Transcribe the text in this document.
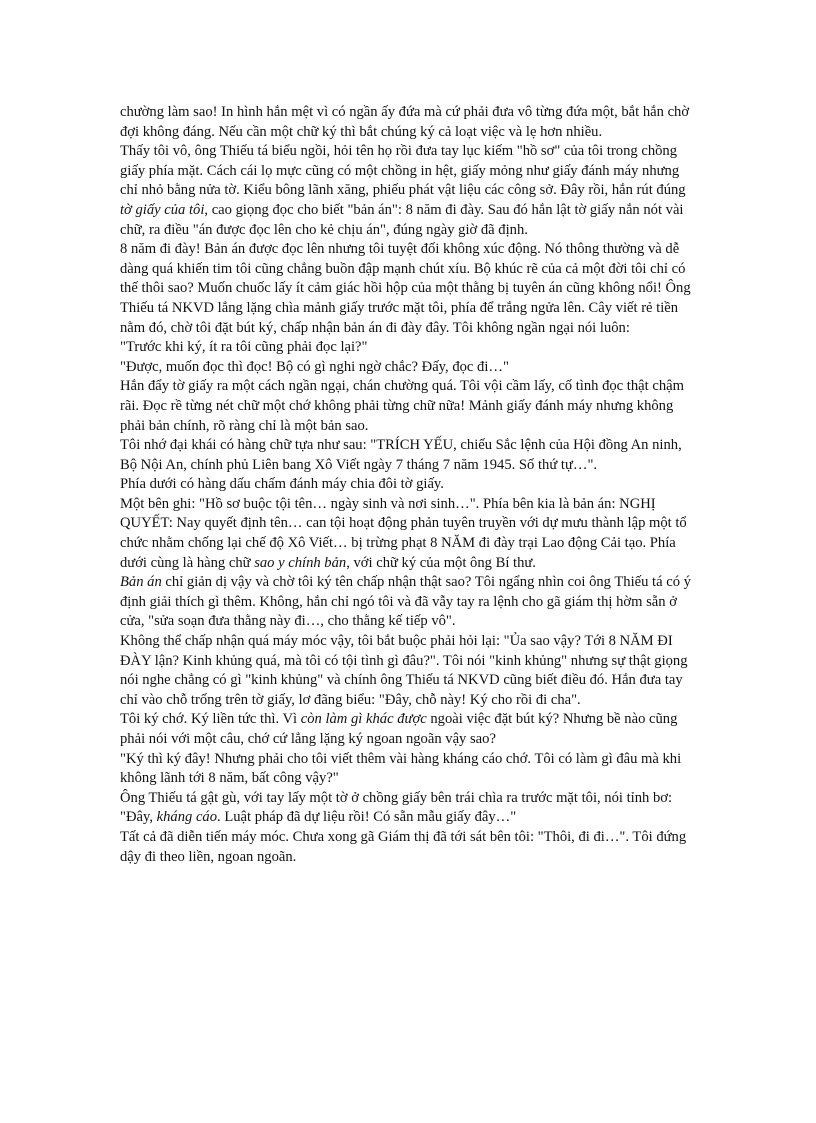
chường làm sao! In hình hắn mệt vì có ngần ấy đứa mà cứ phải đưa vô từng đứa một, bắt hắn chờ đợi không đáng. Nếu cần một chữ ký thì bắt chúng ký cả loạt việc và lẹ hơn nhiều.

Thấy tôi vô, ông Thiếu tá biểu ngồi, hỏi tên họ rồi đưa tay lục kiếm "hồ sơ" của tôi trong chồng giấy phía mặt. Cách cái lọ mực cũng có một chồng in hệt, giấy mỏng như giấy đánh máy nhưng chỉ nhỏ bằng nửa tờ. Kiểu bông lãnh xăng, phiếu phát vật liệu các công sở. Đây rồi, hắn rút đúng tờ giấy của tôi, cao giọng đọc cho biết "bản án": 8 năm đi đày. Sau đó hắn lật tờ giấy nắn nót vài chữ, ra điều "án được đọc lên cho kẻ chịu án", đúng ngày giờ đã định.

8 năm đi đày! Bản án được đọc lên nhưng tôi tuyệt đối không xúc động. Nó thông thường và dễ dàng quá khiến tim tôi cũng chẳng buồn đập mạnh chút xíu. Bộ khúc rẽ của cả một đời tôi chỉ có thế thôi sao? Muốn chuốc lấy ít cảm giác hồi hộp của một thằng bị tuyên án cũng không nổi! Ông Thiếu tá NKVD lẳng lặng chìa mảnh giấy trước mặt tôi, phía để trắng ngửa lên. Cây viết rẻ tiền nằm đó, chờ tôi đặt bút ký, chấp nhận bản án đi đày đây. Tôi không ngần ngại nói luôn:

"Trước khi ký, ít ra tôi cũng phải đọc lại?"

"Được, muốn đọc thì đọc! Bộ có gì nghi ngờ chắc? Đấy, đọc đi…"

Hắn đẩy tờ giấy ra một cách ngần ngại, chán chường quá. Tôi vội cầm lấy, cố tình đọc thật chậm rãi. Đọc rề từng nét chữ một chớ không phải từng chữ nữa! Mảnh giấy đánh máy nhưng không phải bản chính, rõ ràng chỉ là một bản sao.

Tôi nhớ đại khái có hàng chữ tựa như sau: "TRÍCH YẾU, chiếu Sắc lệnh của Hội đồng An ninh, Bộ Nội An, chính phủ Liên bang Xô Viết ngày 7 tháng 7 năm 1945. Số thứ tự…".

Phía dưới có hàng dấu chấm đánh máy chia đôi tờ giấy.

Một bên ghi: "Hồ sơ buộc tội tên… ngày sinh và nơi sinh…". Phía bên kia là bản án: NGHỊ QUYẾT: Nay quyết định tên… can tội hoạt động phản tuyên truyền với dự mưu thành lập một tổ chức nhằm chống lại chế độ Xô Viết… bị trừng phạt 8 NĂM đi đày trại Lao động Cải tạo. Phía dưới cùng là hàng chữ sao y chính bản, với chữ ký của một ông Bí thư.

Bản án chỉ giản dị vậy và chờ tôi ký tên chấp nhận thật sao? Tôi ngẩng nhìn coi ông Thiếu tá có ý định giải thích gì thêm. Không, hắn chỉ ngó tôi và đã vẫy tay ra lệnh cho gã giám thị hờm sẵn ở cửa, "sửa soạn đưa thằng này đi…, cho thằng kế tiếp vô".

Không thể chấp nhận quá máy móc vậy, tôi bắt buộc phải hỏi lại: "Ủa sao vậy? Tới 8 NĂM ĐI ĐÀY lận? Kinh khủng quá, mà tôi có tội tình gì đâu?". Tôi nói "kinh khủng" nhưng sự thật giọng nói nghe chẳng có gì "kinh khủng" và chính ông Thiếu tá NKVD cũng biết điều đó. Hắn đưa tay chỉ vào chỗ trống trên tờ giấy, lơ đãng biểu: "Đây, chỗ này! Ký cho rồi đi cha".

Tôi ký chớ. Ký liền tức thì. Vì còn làm gì khác được ngoài việc đặt bút ký? Nhưng bề nào cũng phải nói với một câu, chớ cứ lẳng lặng ký ngoan ngoãn vậy sao?

"Ký thì ký đây! Nhưng phải cho tôi viết thêm vài hàng kháng cáo chớ. Tôi có làm gì đâu mà khi không lãnh tới 8 năm, bất công vậy?"

Ông Thiếu tá gật gù, với tay lấy một tờ ở chồng giấy bên trái chìa ra trước mặt tôi, nói tỉnh bơ:

"Đây, kháng cáo. Luật pháp đã dự liệu rồi! Có sẵn mẫu giấy đây…"

Tất cả đã diễn tiến máy móc. Chưa xong gã Giám thị đã tới sát bên tôi: "Thôi, đi đi…". Tôi đứng dậy đi theo liền, ngoan ngoãn.
